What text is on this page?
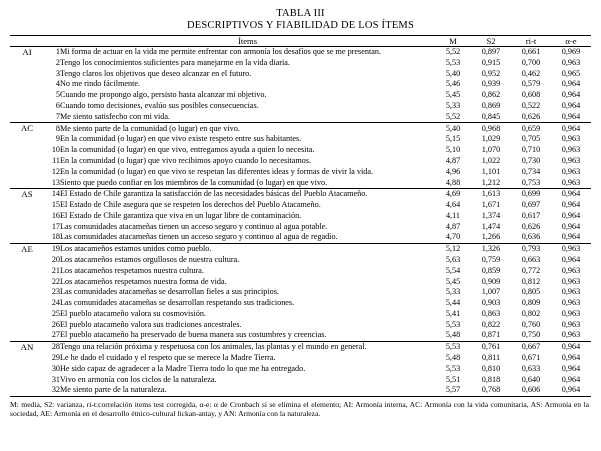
TABLA III
DESCRIPTIVOS Y FIABILIDAD DE LOS ÍTEMS
		Ítems	M	S2	ri-t	α-e
AI	1	Mi forma de actuar en la vida me permite enfrentar con armonía los desafíos que se me presentan.	5,52	0,897	0,661	0,969
	2	Tengo los conocimientos suficientes para manejarme en la vida diaria.	5,53	0,915	0,700	0,963
	3	Tengo claros los objetivos que deseo alcanzar en el futuro.	5,40	0,952	0,462	0,965
	4	No me rindo fácilmente.	5,46	0,939	0,579	0,964
	5	Cuando me propongo algo, persisto hasta alcanzar mi objetivo.	5,45	0,862	0,608	0,964
	6	Cuando tomo decisiones, evalúo sus posibles consecuencias.	5,33	0,869	0,522	0,964
	7	Me siento satisfecho con mi vida.	5,52	0,845	0,626	0,964
AC	8	Me siento parte de la comunidad (o lugar) en que vivo.	5,40	0,968	0,659	0,964
	9	En la comunidad (o lugar) en que vivo existe respeto entre sus habitantes.	5,15	1,029	0,705	0,963
	10	En la comunidad (o lugar) en que vivo, entregamos ayuda a quien lo necesita.	5,10	1,070	0,710	0,963
	11	En la comunidad (o lugar) que vivo recibimos apoyo cuando lo necesitamos.	4,87	1,022	0,730	0,963
	12	En la comunidad (o lugar) en que vivo se respetan las diferentes ideas y formas de vivir la vida.	4,96	1,101	0,734	0,963
	13	Siento que puedo confiar en los miembros de la comunidad (o lugar) en que vivo.	4,88	1,212	0,753	0,963
AS	14	El Estado de Chile garantiza la satisfacción de las necesidades básicas del Pueblo Atacameño.	4,69	1,613	0,699	0,964
	15	El Estado de Chile asegura que se respeten los derechos del Pueblo Atacameño.	4,64	1,671	0,697	0,964
	16	El Estado de Chile garantiza que viva en un lugar libre de contaminación.	4,11	1,374	0,617	0,964
	17	Las comunidades atacameñas tienen un acceso seguro y continuo al agua potable.	4,87	1,474	0,626	0,964
	18	Las comunidades atacameñas tienen un acceso seguro y continuo al agua de regadío.	4,70	1,266	0,636	0,964
AE	19	Los atacameños estamos unidos como pueblo.	5,12	1,326	0,793	0,963
	20	Los atacameños estamos orgullosos de nuestra cultura.	5,63	0,759	0,663	0,964
	21	Los atacameños respetamos nuestra cultura.	5,54	0,859	0,772	0,963
	22	Los atacameños respetamos nuestra forma de vida.	5,45	0,909	0,812	0,963
	23	Las comunidades atacameñas se desarrollan fieles a sus principios.	5,33	1,007	0,805	0,963
	24	Las comunidades atacameñas se desarrollan respetando sus tradiciones.	5,44	0,903	0,809	0,963
	25	El pueblo atacameño valora su cosmovisión.	5,41	0,863	0,802	0,963
	26	El pueblo atacameño valora sus tradiciones ancestrales.	5,53	0,822	0,760	0,963
	27	El pueblo atacameño ha preservado de buena manera sus costumbres y creencias.	5,48	0,871	0,750	0,963
AN	28	Tengo una relación próxima y respetuosa con los animales, las plantas y el mundo en general.	5,53	0,761	0,667	0,964
	29	Le he dado el cuidado y el respeto que se merece la Madre Tierra.	5,48	0,811	0,671	0,964
	30	He sido capaz de agradecer a la Madre Tierra todo lo que me ha entregado.	5,53	0,810	0,633	0,964
	31	Vivo en armonía con los ciclos de la naturaleza.	5,51	0,818	0,640	0,964
	32	Me siento parte de la naturaleza.	5,57	0,768	0,606	0,964
M: media, S2: varianza, ri-t:correlación items test corregida, α-e: α de Cronbach si se elimina el elemento; AI: Armonía interna, AC: Armonía con la vida comunitaria, AS: Armonía en la sociedad, AE: Armonía en el desarrollo étnico-cultural lickan-antay, y AN: Armonía con la naturaleza.
